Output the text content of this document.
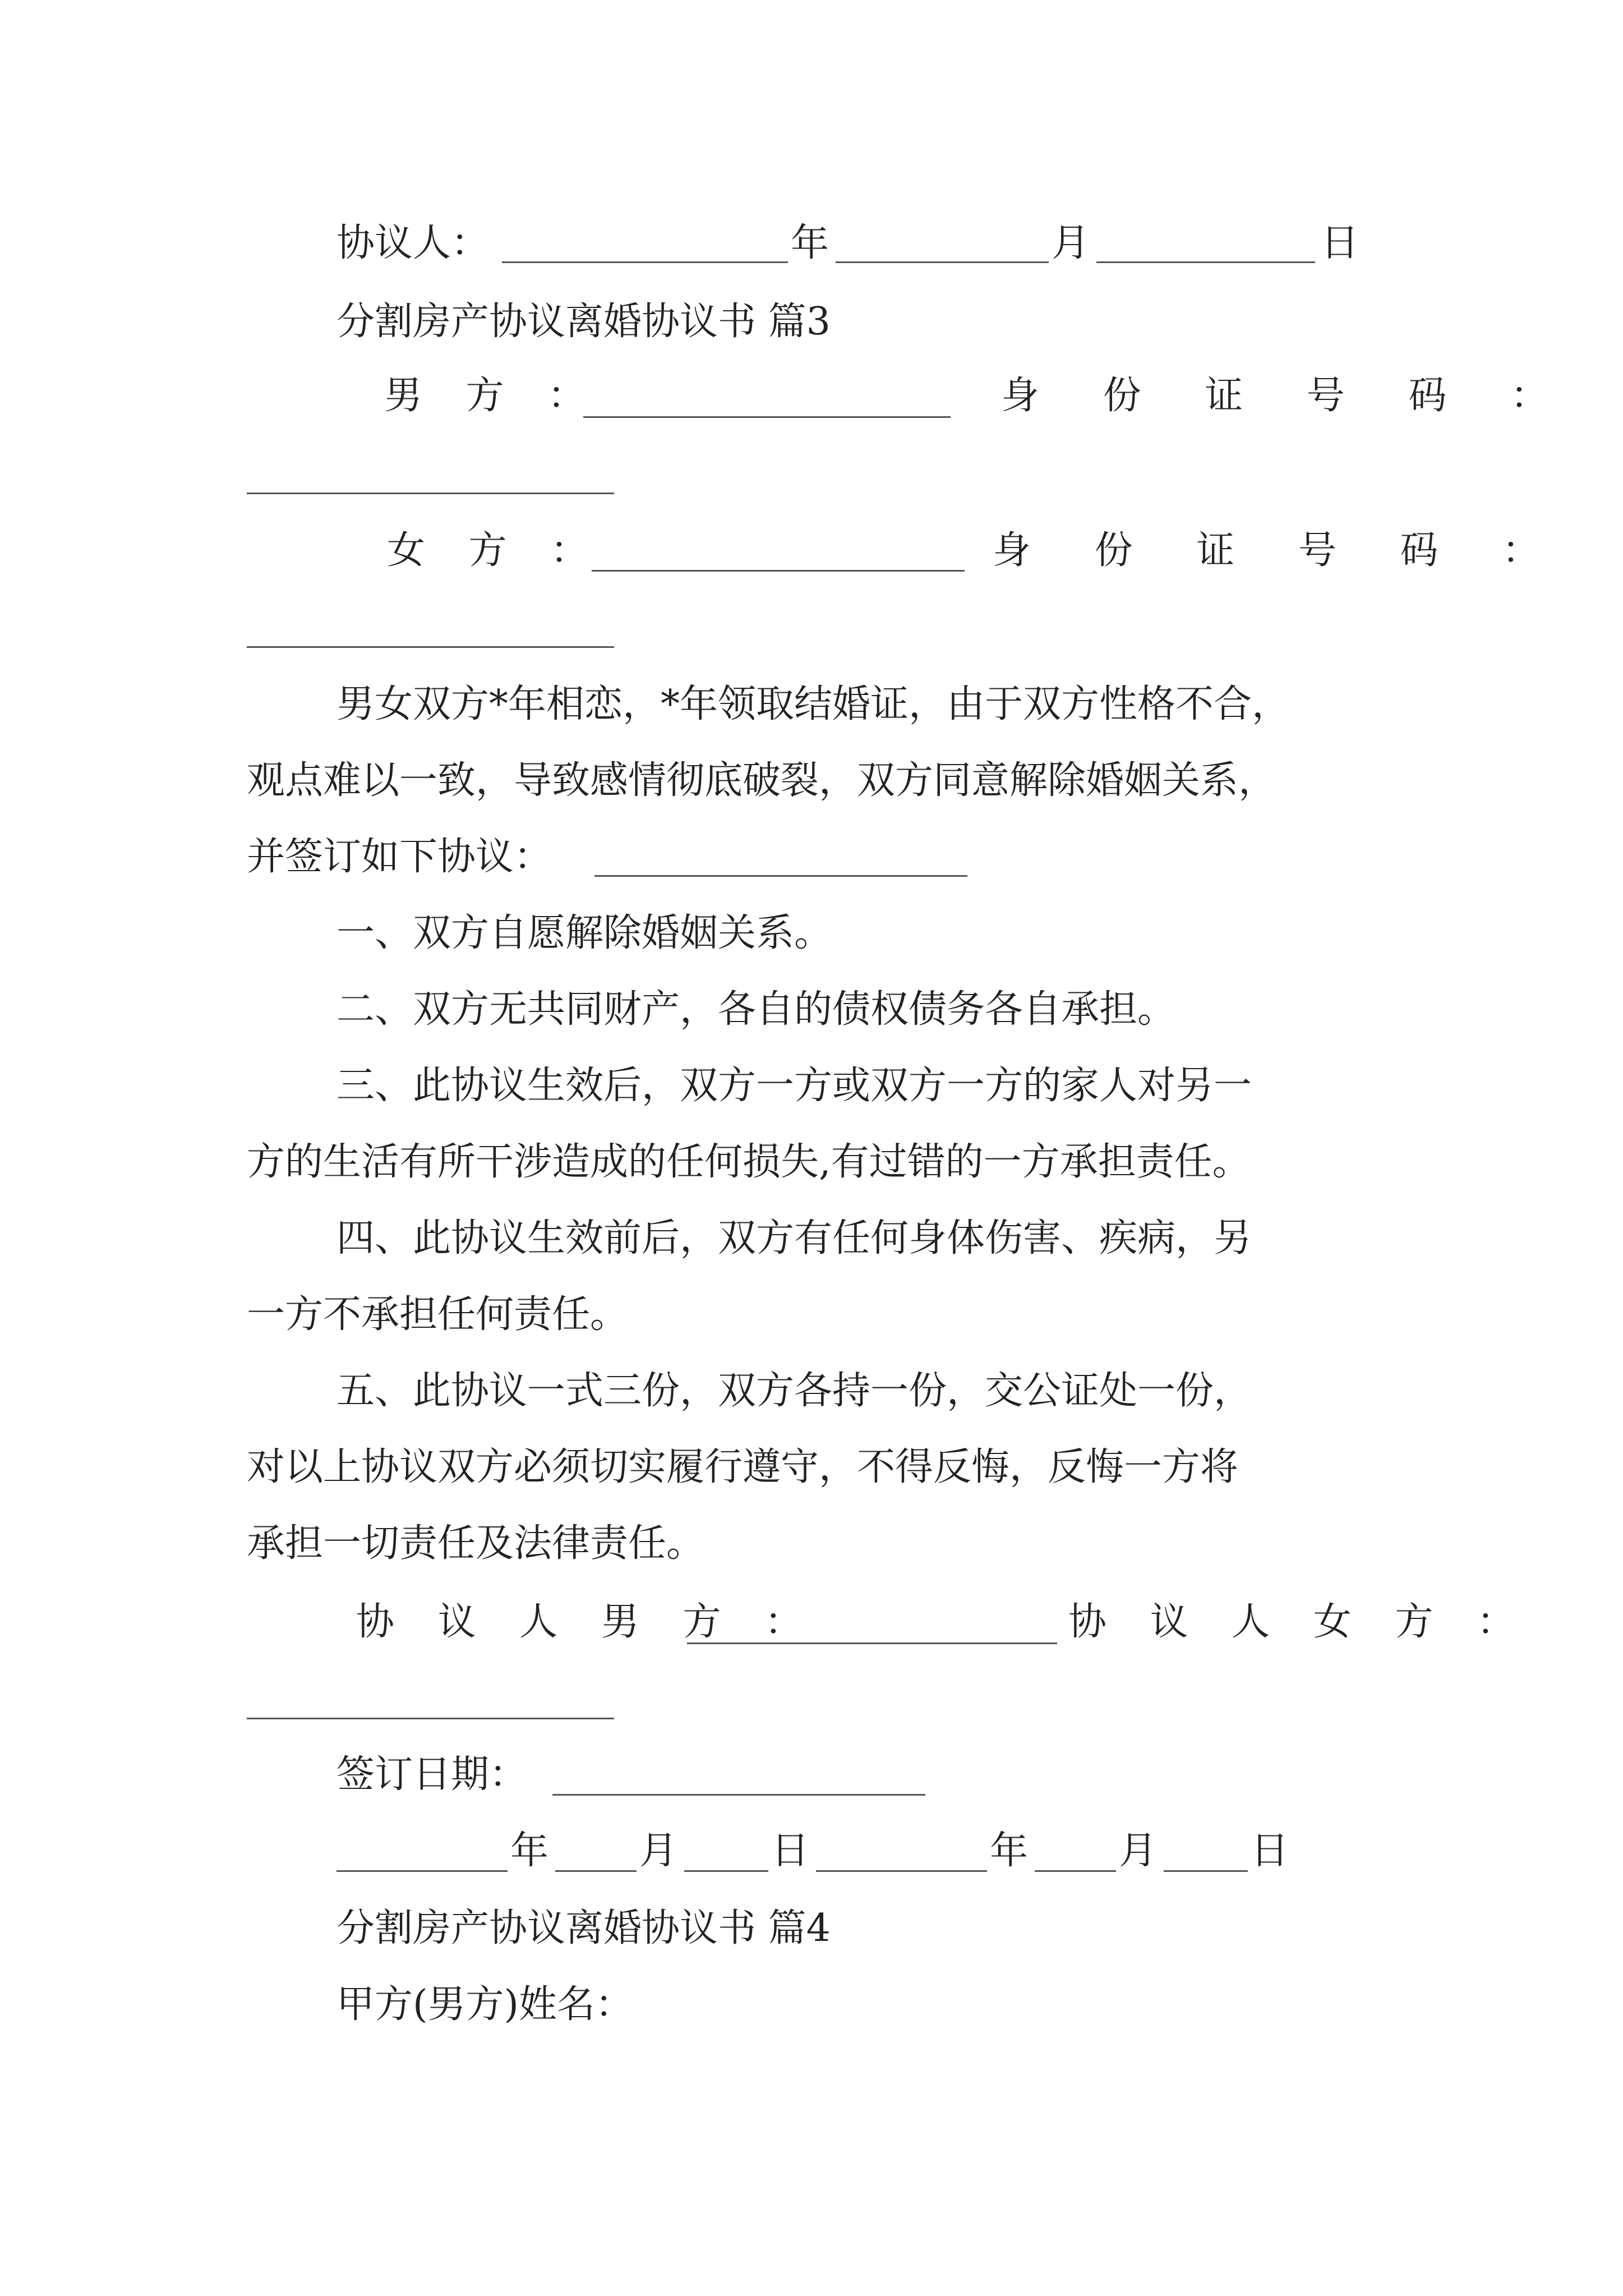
协议人：	年	月	日
分割房产协议离婚协议书 篇3
男 方 ：	身 份 证 号 码 ：
女 方 ：	身 份 证 号 码 ：
男女双方*年相恋，*年领取结婚证，由于双方性格不合，
观点难以一致，导致感情彻底破裂，双方同意解除婚姻关系，
并签订如下协议：
一、双方自愿解除婚姻关系。
二、双方无共同财产，各自的债权债务各自承担。
三、此协议生效后，双方一方或双方一方的家人对另一
方的生活有所干涉造成的任何损失,有过错的一方承担责任。
四、此协议生效前后，双方有任何身体伤害、疾病，另
一方不承担任何责任。
五、此协议一式三份，双方各持一份，交公证处一份，
对以上协议双方必须切实履行遵守，不得反悔，反悔一方将
承担一切责任及法律责任。
协 议 人 男 方 ：	协 议 人 女 方 ：
签订日期：
年 月 日	年 月 日
分割房产协议离婚协议书 篇4
甲方(男方)姓名：
